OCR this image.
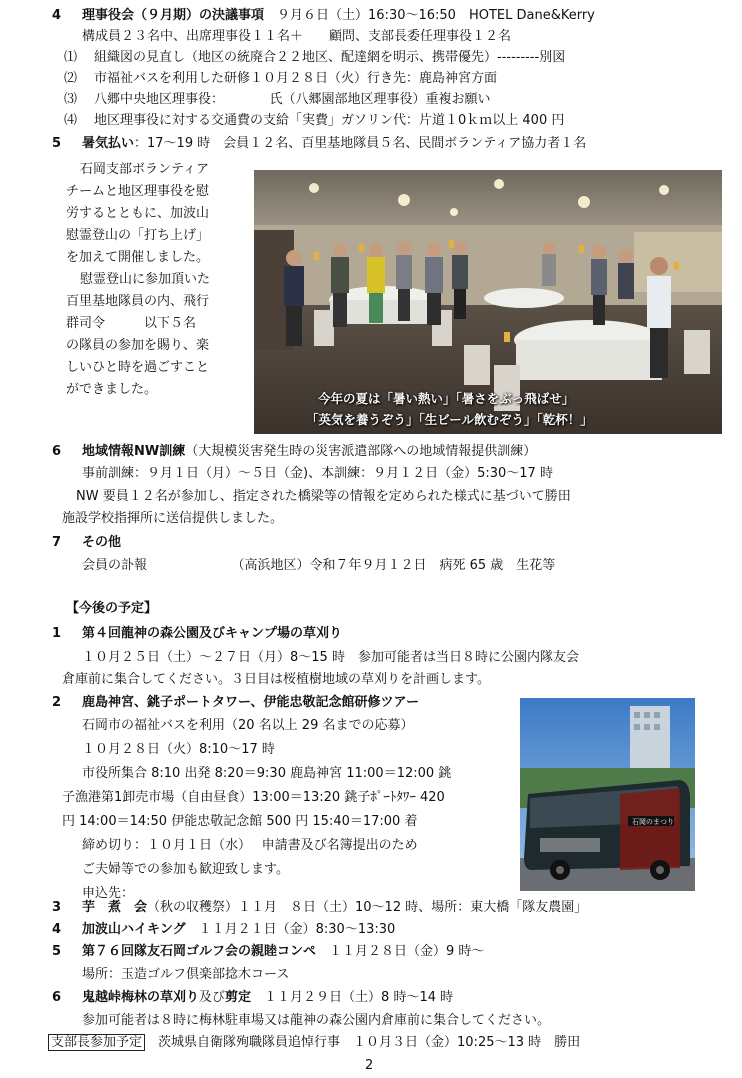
4 理事役会（９月期）の決議事項　９月６日（土）16:30～16:50　HOTEL Dane&Kerry
構成員２３名中、出席理事役１１名＋　　顧問、支部長委任理事役１２名
⑴ 組織図の見直し（地区の統廃合２２地区、配達網を明示、携帯優先）---------別図
⑵ 市福祉バスを利用した研修１０月２８日（火）行き先：鹿島神宮方面
⑶ 八郷中央地区理事役：　　　　氏（八郷園部地区理事役）重複お願い
⑷ 地区理事役に対する交通費の支給「実費」ガソリン代：片道１0ｋｍ以上 400 円
5 暑気払い：17～19 時　会員１２名、百里基地隊員５名、民間ボランティア協力者１名
石岡支部ボランティア
チームと地区理事役を慰
労するとともに、加波山
慰霊登山の「打ち上げ」
を加えて開催しました。
慰霊登山に参加頂いた
百里基地隊員の内、飛行
群司令　　　以下５名
の隊員の参加を賜り、楽
しいひと時を過ごすこと
ができました。
今年の夏は「暑い熱い」「暑さをぶっ飛ばせ」
「英気を養うぞう」「生ビール飲むぞう」「乾杯！」
6 地域情報NW訓練（大規模災害発生時の災害派遣部隊への地域情報提供訓練）
事前訓練：９月１日（月）～５日（金)、本訓練：９月１２日（金）5:30～17 時
NW 要員１２名が参加し、指定された橋梁等の情報を定められた様式に基づいて勝田
施設学校指揮所に送信提供しました。
7 その他
会員の訃報　　　　　　　（高浜地区）令和７年９月１２日　病死 65 歳　生花等
【今後の予定】
1 第４回龍神の森公園及びキャンプ場の草刈り
１０月２５日（土）～２７日（月）8～15 時　参加可能者は当日８時に公園内隊友会
倉庫前に集合してください。３日目は桜植樹地域の草刈りを計画します。
2 鹿島神宮、銚子ポートタワー、伊能忠敬記念館研修ツアー
石岡市の福祉バスを利用（20 名以上 29 名までの応募）
１０月２８日（火）8:10～17 時
市役所集合 8:10 出発 8:20＝9:30 鹿島神宮 11:00＝12:00 銚
子漁港第1卸売市場（自由昼食）13:00＝13:20 銚子ﾎﾟｰﾄﾀﾜｰ 420
円 14:00＝14:50 伊能忠敬記念館 500 円 15:40＝17:00 着
締め切り：１０月１日（水）　 申請書及び名簿提出のため
ご夫婦等での参加も歓迎致します。
申込先：
石岡のまつり
3 芋　煮　会（秋の収穫祭）１１月　８日（土）10～12 時、場所：東大橋「隊友農園」
4 加波山ハイキング　１１月２１日（金）8:30～13:30
5 第７６回隊友石岡ゴルフ会の親睦コンペ　１１月２８日（金）9 時～
場所：玉造ゴルフ倶楽部捻木コース
6 鬼越峠梅林の草刈り及び剪定　１１月２９日（土）8 時～14 時
参加可能者は８時に梅林駐車場又は龍神の森公園内倉庫前に集合してください。
支部長参加予定　茨城県自衛隊殉職隊員追悼行事　１０月３日（金）10:25～13 時　勝田
2
